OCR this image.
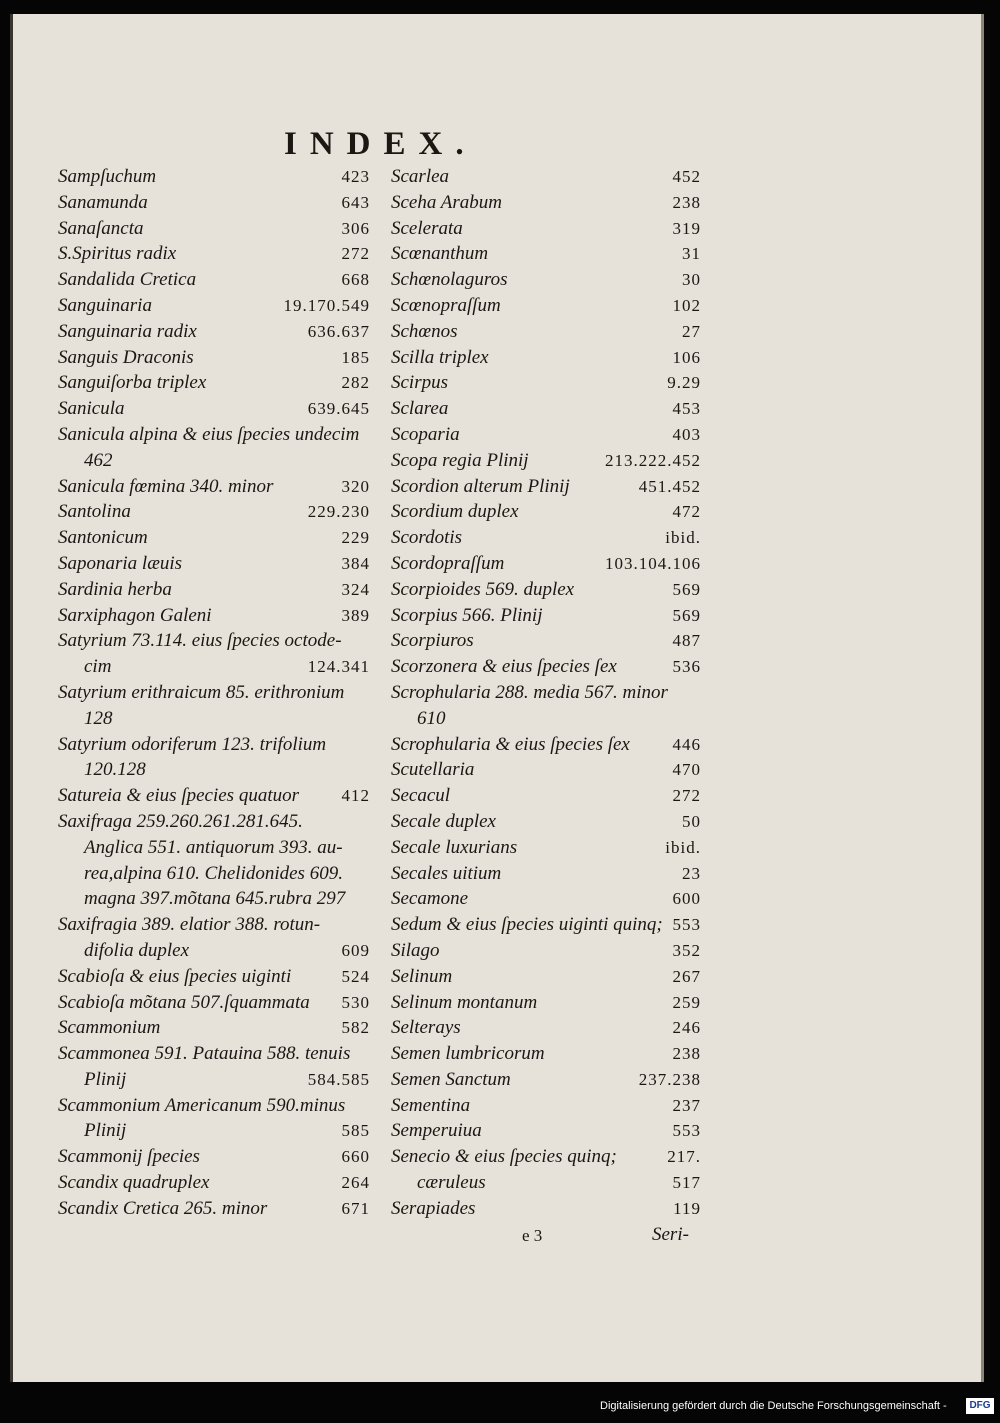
INDEX.
Sampſuchum	423
Sanamunda	643
Sanaſancta	306
S.Spiritus radix	272
Sandalida Cretica	668
Sanguinaria	19.170.549
Sanguinaria radix	636.637
Sanguis Draconis	185
Sanguiſorba triplex	282
Sanicula	639.645
Sanicula alpina & eius ſpecies undecim
462
Sanicula fœmina 340. minor	320
Santolina	229.230
Santonicum	229
Saponaria læuis	384
Sardinia herba	324
Sarxiphagon Galeni	389
Satyrium 73.114. eius ſpecies octode-
cim	124.341
Satyrium erithraicum 85. erithronium
128
Satyrium odoriferum 123. trifolium
120.128
Satureia & eius ſpecies quatuor	412
Saxifraga 259.260.261.281.645.
Anglica 551. antiquorum 393. au-
rea,alpina 610. Chelidonides 609.
magna 397.mõtana 645.rubra 297
Saxifragia 389. elatior 388. rotun-
difolia duplex	609
Scabioſa & eius ſpecies uiginti	524
Scabioſa mõtana 507.ſquammata 530
Scammonium	582
Scammonea 591. Patauina 588. tenuis
Plinij	584.585
Scammonium Americanum 590.minus
Plinij	585
Scammonij ſpecies	660
Scandix quadruplex	264
Scandix Cretica 265. minor	671
Scarlea	452
Sceha Arabum	238
Scelerata	319
Scœnanthum	31
Schœnolaguros	30
Scœnopraſſum	102
Schœnos	27
Scilla triplex	106
Scirpus	9.29
Sclarea	453
Scoparia	403
Scopa regia Plinij	213.222.452
Scordion alterum Plinij	451.452
Scordium duplex	472
Scordotis	ibid.
Scordopraſſum	103.104.106
Scorpioides 569. duplex	569
Scorpius 566. Plinij	569
Scorpiuros	487
Scorzonera & eius ſpecies ſex	536
Scrophularia 288. media 567. minor
610
Scrophularia & eius ſpecies ſex	446
Scutellaria	470
Secacul	272
Secale duplex	50
Secale luxurians	ibid.
Secales uitium	23
Secamone	600
Sedum & eius ſpecies uiginti quinq; 553
Silago	352
Selinum	267
Selinum montanum	259
Selterays	246
Semen lumbricorum	238
Semen Sanctum	237.238
Sementina	237
Semperuiua	553
Senecio & eius ſpecies quinq;	217.
cæruleus	517
Serapiades	119
e 3	Seri-
Digitalisierung gefördert durch die Deutsche Forschungsgemeinschaft -	DFG
